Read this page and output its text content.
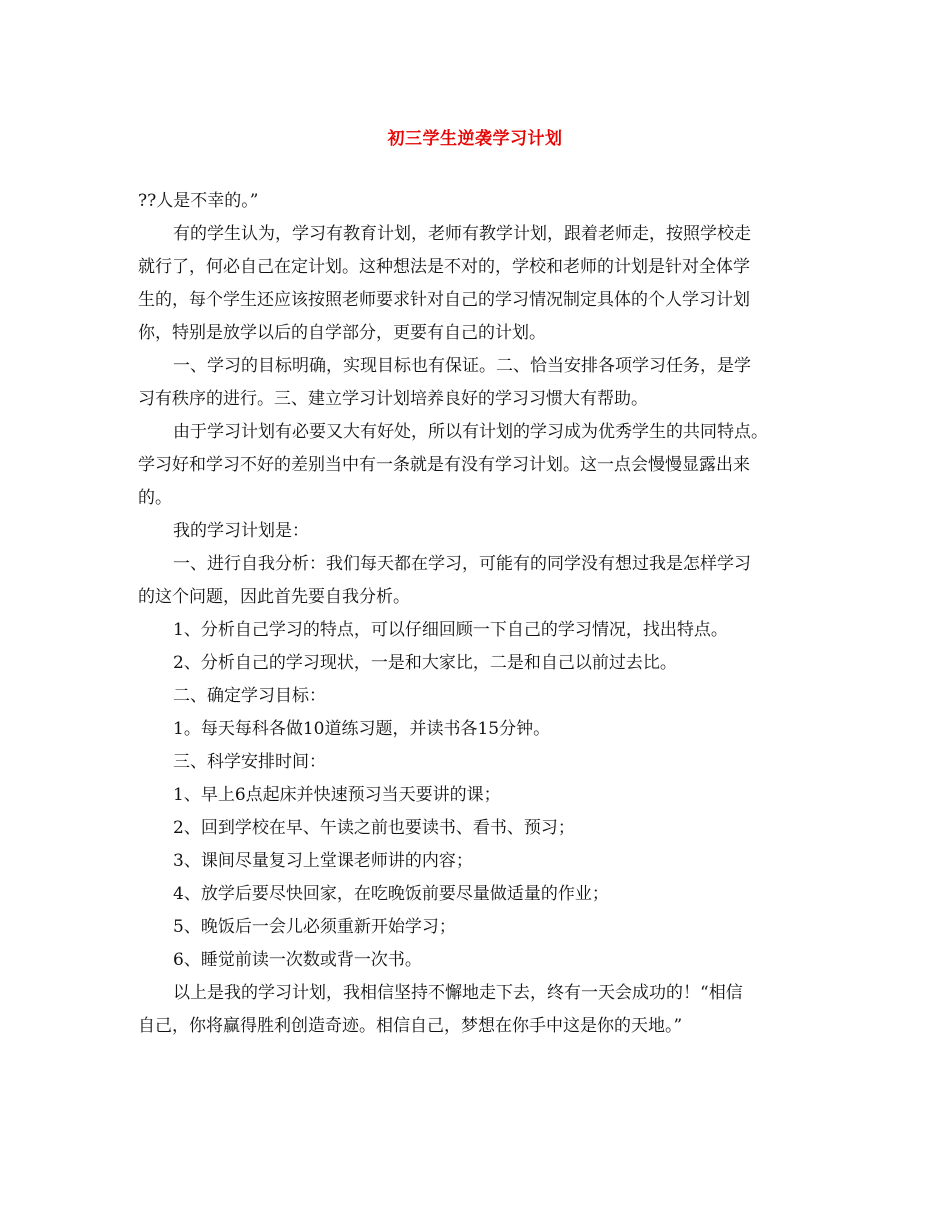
初三学生逆袭学习计划

??人是不幸的。”

有的学生认为，学习有教育计划，老师有教学计划，跟着老师走，按照学校走

就行了，何必自己在定计划。这种想法是不对的，学校和老师的计划是针对全体学

生的，每个学生还应该按照老师要求针对自己的学习情况制定具体的个人学习计划

你，特别是放学以后的自学部分，更要有自己的计划。

一、学习的目标明确，实现目标也有保证。二、恰当安排各项学习任务，是学

习有秩序的进行。三、建立学习计划培养良好的学习习惯大有帮助。

由于学习计划有必要又大有好处，所以有计划的学习成为优秀学生的共同特点。

学习好和学习不好的差别当中有一条就是有没有学习计划。这一点会慢慢显露出来

的。

我的学习计划是：

一、进行自我分析：我们每天都在学习，可能有的同学没有想过我是怎样学习

的这个问题，因此首先要自我分析。

1、分析自己学习的特点，可以仔细回顾一下自己的学习情况，找出特点。

2、分析自己的学习现状，一是和大家比，二是和自己以前过去比。

二、确定学习目标：

1。每天每科各做10道练习题，并读书各15分钟。

三、科学安排时间：

1、早上6点起床并快速预习当天要讲的课；

2、回到学校在早、午读之前也要读书、看书、预习；

3、课间尽量复习上堂课老师讲的内容；

4、放学后要尽快回家，在吃晚饭前要尽量做适量的作业；

5、晚饭后一会儿必须重新开始学习；

6、睡觉前读一次数或背一次书。

以上是我的学习计划，我相信坚持不懈地走下去，终有一天会成功的！“相信

自己，你将赢得胜利创造奇迹。相信自己，梦想在你手中这是你的天地。”
